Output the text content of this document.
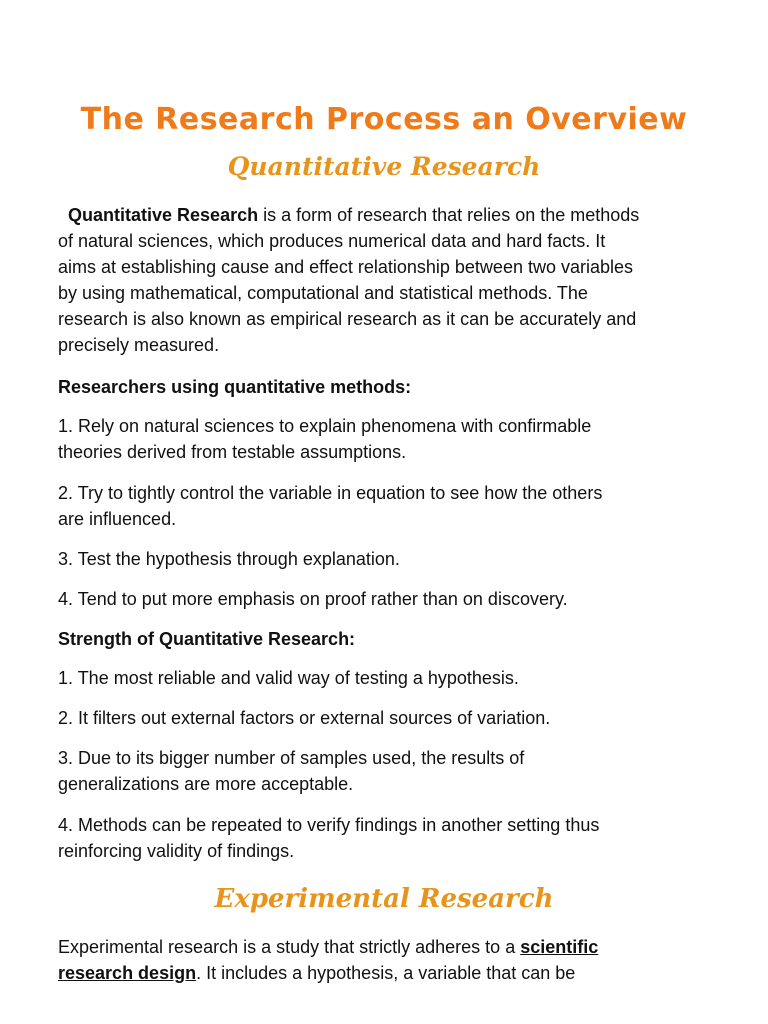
The Research Process an Overview
Quantitative Research
Quantitative Research is a form of research that relies on the methods
of natural sciences, which produces numerical data and hard facts. It
aims at establishing cause and effect relationship between two variables
by using mathematical, computational and statistical methods. The
research is also known as empirical research as it can be accurately and
precisely measured.
Researchers using quantitative methods:
1. Rely on natural sciences to explain phenomena with confirmable
theories derived from testable assumptions.
2. Try to tightly control the variable in equation to see how the others
are influenced.
3. Test the hypothesis through explanation.
4. Tend to put more emphasis on proof rather than on discovery.
Strength of Quantitative Research:
1. The most reliable and valid way of testing a hypothesis.
2. It filters out external factors or external sources of variation.
3. Due to its bigger number of samples used, the results of
generalizations are more acceptable.
4. Methods can be repeated to verify findings in another setting thus
reinforcing validity of findings.
Experimental Research
Experimental research is a study that strictly adheres to a scientific
research design. It includes a hypothesis, a variable that can be
